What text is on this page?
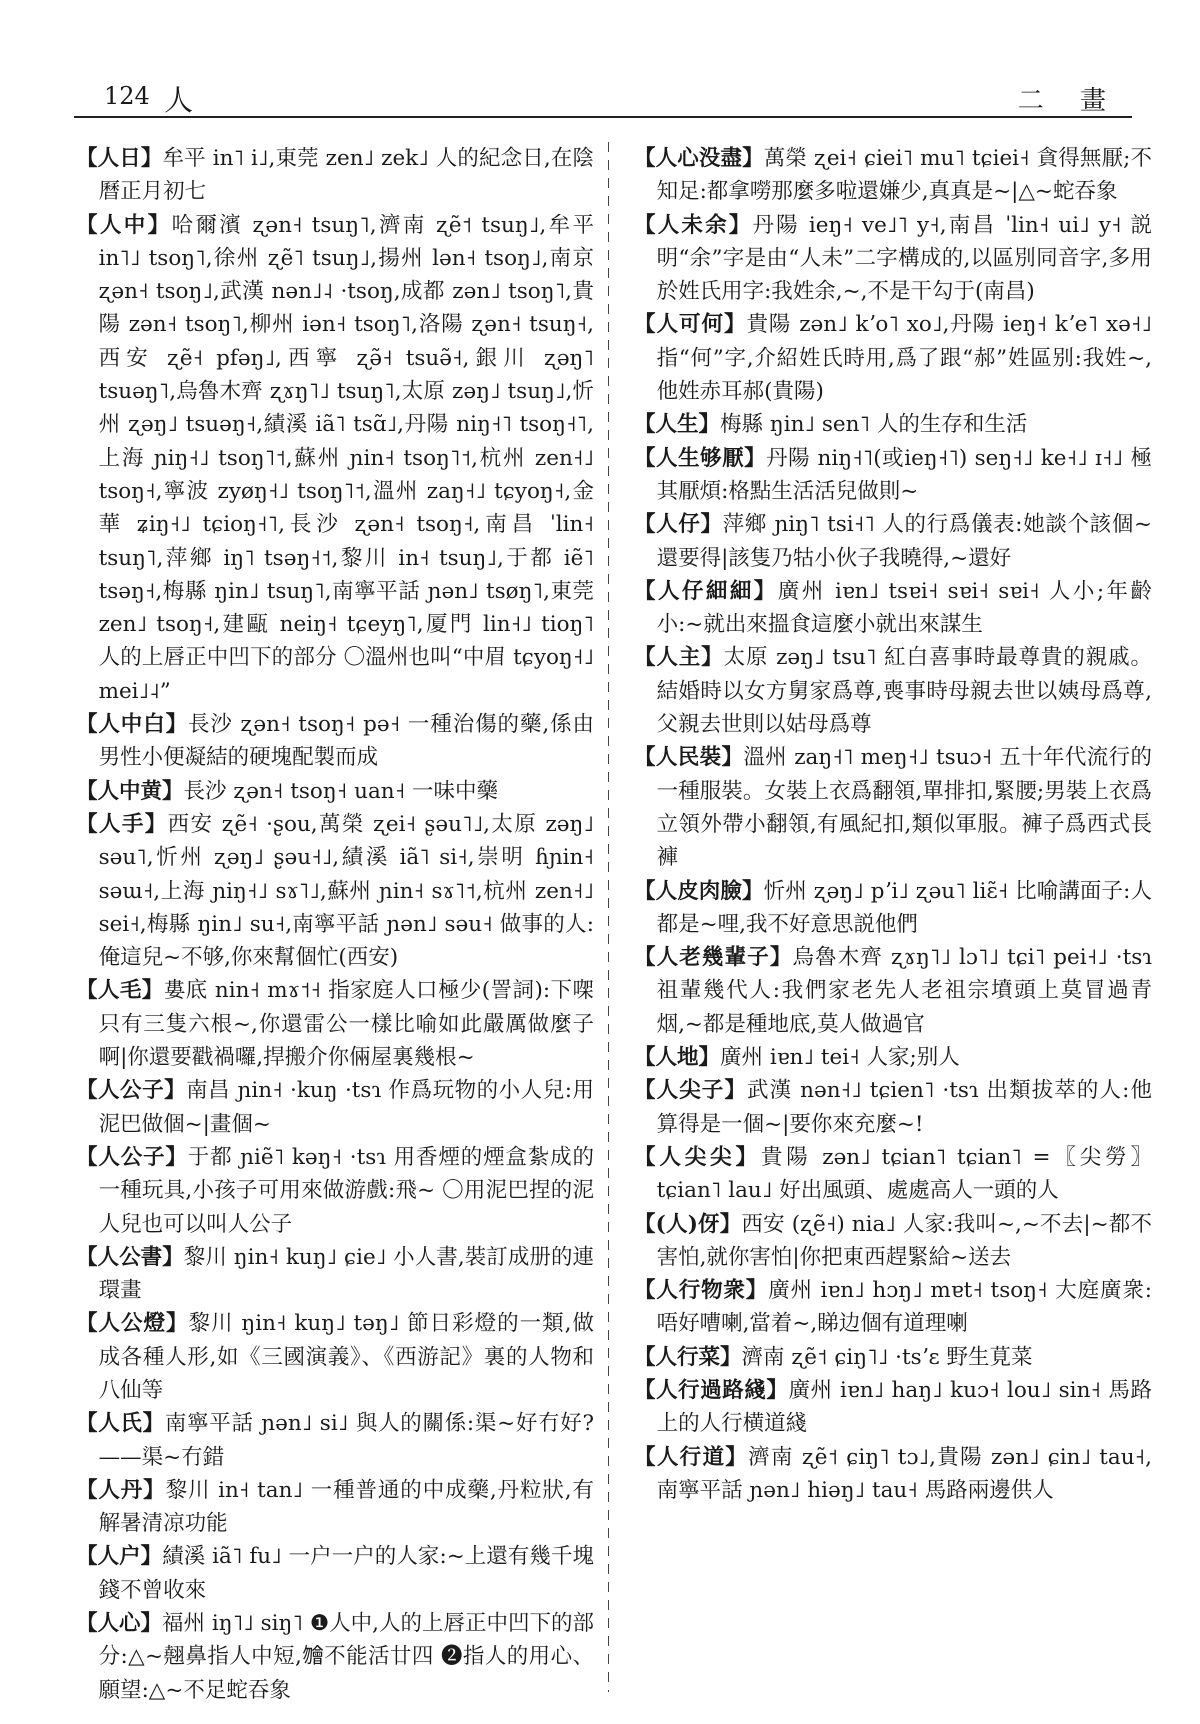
124 人	二 畫

【人日】牟平 in˥ i˩,東莞 zen˩ zek˩ 人的紀念日,在陰曆正月初七

【人中】哈爾濱 ʐən˧ tsuŋ˥,濟南 ʐẽ˦ tsuŋ˩,牟平 in˥˩ tsoŋ˥,徐州 ʐẽ˥ tsuŋ˩,揚州 lən˧ tsoŋ˩,南京 ʐən˧ tsoŋ˩,武漢 nən˩˨ ·tsoŋ,成都 zən˩ tsoŋ˥,貴陽 zən˧ tsoŋ˥,柳州 iən˧ tsoŋ˥,洛陽 ʐən˧ tsuŋ˧,西安 ʐẽ˧ pfəŋ˩,西寧 ʐə̃˧ tsuə̃˧,銀川 ʐəŋ˥ tsuəŋ˥,烏魯木齊 ʐɤŋ˥˩ tsuŋ˥,太原 zəŋ˩ tsuŋ˩,忻州 ʐəŋ˩ tsuəŋ˧,績溪 iã˥ tsɑ̃˩,丹陽 niŋ˧˥ tsoŋ˧˥,上海 ɲiŋ˧˩ tsoŋ˥˦,蘇州 ɲin˧ tsoŋ˥˦,杭州 zen˧˩ tsoŋ˧,寧波 zyøŋ˧˩ tsoŋ˥˦,溫州 zaŋ˧˩ tɕyoŋ˧,金華 ʑiŋ˧˩ tɕioŋ˧˥,長沙 ʐən˧ tsoŋ˧,南昌 ˈlin˧ tsuŋ˥,萍鄉 iŋ˥ tsəŋ˧˦,黎川 in˧ tsuŋ˩,于都 iẽ˥ tsəŋ˧,梅縣 ŋin˩ tsuŋ˥,南寧平話 ɲən˩ tsøŋ˥,東莞 zen˩ tsoŋ˧,建甌 neiŋ˧ tɕeyŋ˥,厦門 lin˧˩ tioŋ˥ 人的上唇正中凹下的部分 〇溫州也叫“中眉 tɕyoŋ˧˩ mei˩˨”

【人中白】長沙 ʐən˧ tsoŋ˧ pə˧ 一種治傷的藥,係由男性小便凝結的硬塊配製而成

【人中黄】長沙 ʐən˧ tsoŋ˧ uan˧ 一味中藥

【人手】西安 ʐẽ˧ ·ʂou,萬榮 ʐei˧ ʂəu˥˩,太原 zəŋ˩ səu˥,忻州 ʐəŋ˩ ʂəu˧˩,績溪 iã˥ si˧,崇明 ɦɲin˧ səɯ˧,上海 ɲiŋ˧˩ sɤ˥˩,蘇州 ɲin˧ sɤ˥˦,杭州 zen˧˩ sei˧,梅縣 ŋin˩ su˧,南寧平話 ɲən˩ səu˧ 做事的人:俺這兒~不够,你來幫個忙(西安)

【人毛】婁底 nin˧ mɤ˦˧ 指家庭人口極少(詈詞):下㗎只有三隻六根~,你還雷公一樣比喻如此嚴厲做麼子啊|你還要戳禍囉,捍搬介你倆屋裏幾根~

【人公子】南昌 ɲin˧ ·kuŋ ·tsɿ 作爲玩物的小人兒:用泥巴做個~|畫個~

【人公子】于都 ɲiẽ˥ kəŋ˧ ·tsɿ 用香煙的煙盒紮成的一種玩具,小孩子可用來做游戲:飛~ 〇用泥巴捏的泥人兒也可以叫人公子

【人公書】黎川 ŋin˧ kuŋ˩ ɕie˩ 小人書,裝訂成册的連環畫

【人公燈】黎川 ŋin˧ kuŋ˩ təŋ˩ 節日彩燈的一類,做成各種人形,如《三國演義》、《西游記》裏的人物和八仙等

【人氏】南寧平話 ɲən˩ si˩ 與人的關係:渠~好冇好?——渠~冇錯

【人丹】黎川 in˧ tan˩ 一種普通的中成藥,丹粒狀,有解暑清凉功能

【人户】績溪 iã˥ fu˩ 一户一户的人家:~上還有幾千塊錢不曾收來

【人心】福州 iŋ˥˩ siŋ˥ ❶人中,人的上唇正中凹下的部分:△~翹鼻指人中短,𣍐不能活廿四 ❷指人的用心、願望:△~不足蛇吞象

【人心没盡】萬榮 ʐei˧ ɕiei˥ mu˥ tɕiei˧ 貪得無厭;不知足:都拿嘮那麼多啦還嫌少,真真是~|△~蛇吞象

【人未余】丹陽 ieŋ˧ ve˩˥ y˧,南昌 ˈlin˧ ui˩ y˧ 説明“余”字是由“人未”二字構成的,以區別同音字,多用於姓氏用字:我姓余,~,不是干勾于(南昌)

【人可何】貴陽 zən˩ kʼo˥ xo˩,丹陽 ieŋ˧ kʼe˥ xə˧˩ 指“何”字,介紹姓氏時用,爲了跟“郝”姓區别:我姓~,他姓赤耳郝(貴陽)

【人生】梅縣 ŋin˩ sen˥ 人的生存和生活

【人生够厭】丹陽 niŋ˧˥(或ieŋ˧˥) seŋ˧˩ ke˧˩ ɪ˧˩ 極其厭煩:格點生活活兒做則~

【人仔】萍鄉 ɲiŋ˥ tsi˧˥ 人的行爲儀表:她談个該個~還要得|該隻乃牯小伙子我曉得,~還好

【人仔細細】廣州 iɐn˩ tsɐi˧ sɐi˧ sɐi˧ 人小;年齡小:~就出來搵食這麼小就出來謀生

【人主】太原 zəŋ˩ tsu˥ 紅白喜事時最尊貴的親戚。結婚時以女方舅家爲尊,喪事時母親去世以姨母爲尊,父親去世則以姑母爲尊

【人民裝】溫州 zaŋ˧˥ meŋ˧˩ tsuɔ˧ 五十年代流行的一種服裝。女裝上衣爲翻領,單排扣,緊腰;男裝上衣爲立領外帶小翻領,有風紀扣,類似軍服。褲子爲西式長褲

【人皮肉臉】忻州 ʐəŋ˩ pʼi˩ ʐəu˥ liɛ̃˧ 比喻講面子:人都是~哩,我不好意思説他們

【人老幾輩子】烏魯木齊 ʐɤŋ˥˩ lɔ˥˩ tɕi˥ pei˧˩ ·tsɿ 祖輩幾代人:我們家老先人老祖宗墳頭上莫冒過青烟,~都是種地底,莫人做過官

【人地】廣州 iɐn˩ tei˧ 人家;别人

【人尖子】武漢 nən˧˩ tɕien˥ ·tsɿ 出類拔萃的人:他算得是一個~|要你來充麼~!

【人尖尖】貴陽 zən˩ tɕian˥ tɕian˥ =〖尖勞〗tɕian˥ lau˩ 好出風頭、處處高人一頭的人

【(人)伢】西安 (ʐẽ˧) nia˩ 人家:我叫~,~不去|~都不害怕,就你害怕|你把東西趕緊給~送去

【人行物衆】廣州 iɐn˩ hɔŋ˩ mɐt˧ tsoŋ˧ 大庭廣衆:唔好嘈喇,當着~,睇边個有道理喇

【人行菜】濟南 ʐẽ˦ ɕiŋ˥˩ ·tsʼɛ 野生莧菜

【人行過路綫】廣州 iɐn˩ haŋ˩ kuɔ˧ lou˩ sin˧ 馬路上的人行横道綫

【人行道】濟南 ʐẽ˦ ɕiŋ˥ tɔ˩,貴陽 zən˩ ɕin˩ tau˧,南寧平話 ɲən˩ hiəŋ˩ tau˧ 馬路兩邊供人
